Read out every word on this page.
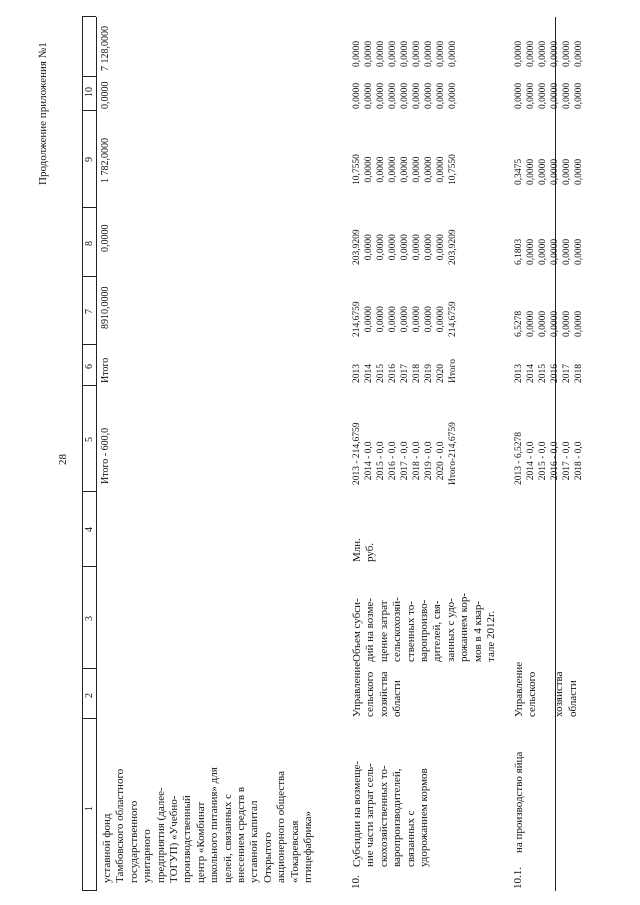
28
Продолжение приложения №1
1
2
3
4
5
6
7
8
9
10
уставной фонд
Тамбовского областного
государственного
унитарного
предприятия (далее-
ТОГУП) «Учебно-
производственный
центр «Комбинат
школьного питания» для
целей, связанных с
внесением средств в
уставной капитал
Открытого
акционерного общества
«Токаревская
птицефабрика»
Итого - 600,0
Итого
8910,0000
0,0000
1 782,0000
0,0000
7 128,0000
10.
Субсидии на возмеще-
ние части затрат сель-
скохозяйственных то-
варопроизводителей,
связанных с
удорожанием кормов
Управление
сельского
хозяйства
области
Объем субси-
дий на возме-
щение затрат
сельскохозяй-
ственных то-
варопроизво-
дителей, свя-
занных с удо-
рожанием кор-
мов в 4 квар-
тале 2012г.
Млн.
руб.
2013 - 214,6759
2014 - 0,0
2015 - 0,0
2016 - 0,0
2017 - 0,0
2018 - 0,0
2019 - 0,0
2020 - 0,0
Итого-214,6759
2013
2014
2015
2016
2017
2018
2019
2020
Итого
214,6759
0,0000
0,0000
0,0000
0,0000
0,0000
0,0000
0,0000
214,6759
203,9209
0,0000
0,0000
0,0000
0,0000
0,0000
0,0000
0,0000
203,9209
10,7550
0,0000
0,0000
0,0000
0,0000
0,0000
0,0000
0,0000
10,7550
0,0000
0,0000
0,0000
0,0000
0,0000
0,0000
0,0000
0,0000
0,0000
0,0000
0,0000
0,0000
0,0000
0,0000
0,0000
0,0000
0,0000
0,0000
10.1.
на производство яйца
Управление
сельского

хозяйства
области
2013 - 6,5278
2014 - 0,0
2015 - 0,0
2016 - 0,0
2017 - 0,0
2018 - 0,0
2013
2014
2015
2016
2017
2018
6,5278
0,0000
0,0000
0,0000
0,0000
0,0000
6,1803
0,0000
0,0000
0,0000
0,0000
0,0000
0,3475
0,0000
0,0000
0,0000
0,0000
0,0000
0,0000
0,0000
0,0000
0,0000
0,0000
0,0000
0,0000
0,0000
0,0000
0,0000
0,0000
0,0000
